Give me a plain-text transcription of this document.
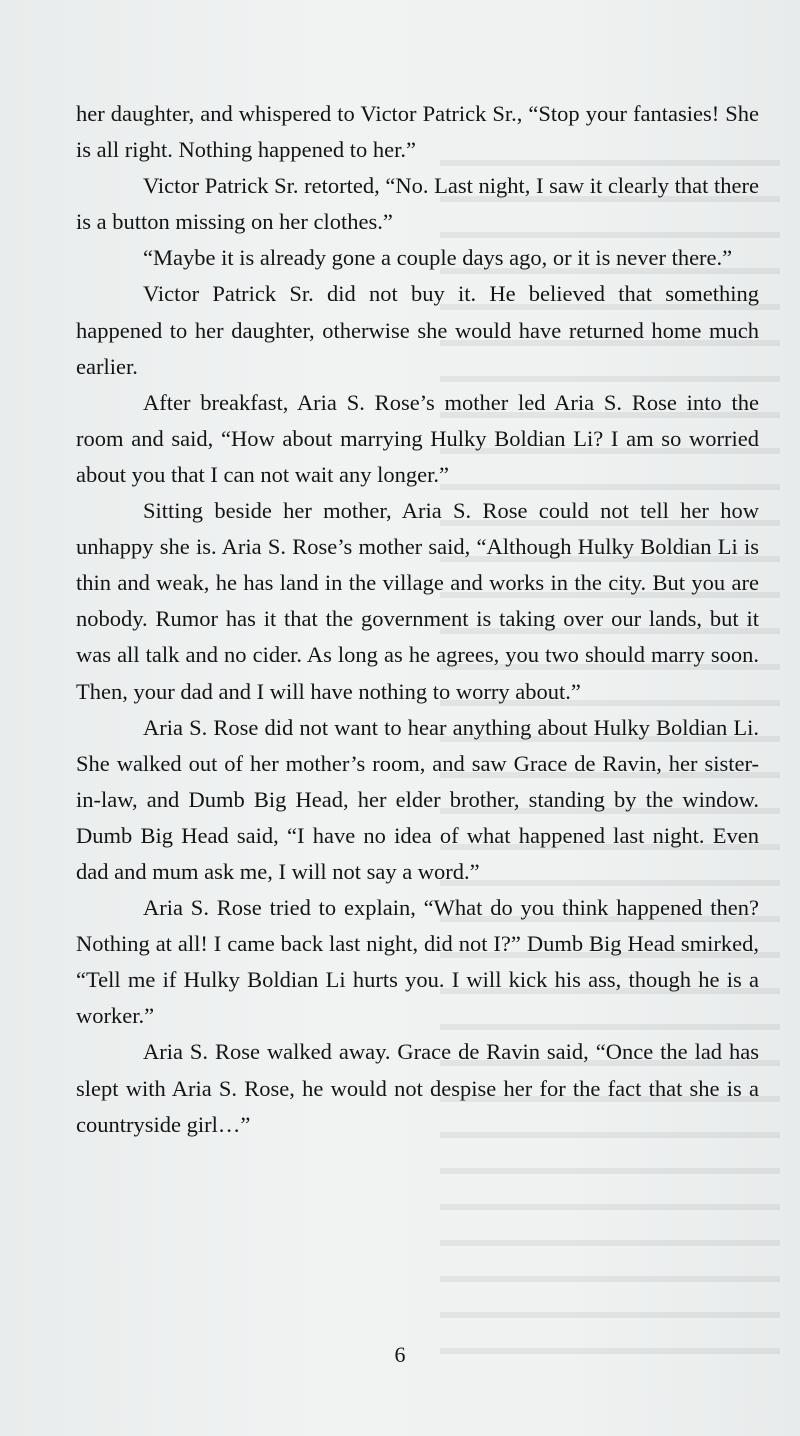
her daughter, and whispered to Victor Patrick Sr., “Stop your fantasies! She is all right. Nothing happened to her.”

Victor Patrick Sr. retorted, “No. Last night, I saw it clearly that there is a button missing on her clothes.”

“Maybe it is already gone a couple days ago, or it is never there.”

Victor Patrick Sr. did not buy it. He believed that something happened to her daughter, otherwise she would have returned home much earlier.

After breakfast, Aria S. Rose’s mother led Aria S. Rose into the room and said, “How about marrying Hulky Boldian Li? I am so worried about you that I can not wait any longer.”

Sitting beside her mother, Aria S. Rose could not tell her how unhappy she is. Aria S. Rose’s mother said, “Although Hulky Boldian Li is thin and weak, he has land in the village and works in the city. But you are nobody. Rumor has it that the government is taking over our lands, but it was all talk and no cider. As long as he agrees, you two should marry soon. Then, your dad and I will have nothing to worry about.”

Aria S. Rose did not want to hear anything about Hulky Boldian Li. She walked out of her mother’s room, and saw Grace de Ravin, her sister-in-law, and Dumb Big Head, her elder brother, standing by the window. Dumb Big Head said, “I have no idea of what happened last night. Even dad and mum ask me, I will not say a word.”

Aria S. Rose tried to explain, “What do you think happened then? Nothing at all! I came back last night, did not I?” Dumb Big Head smirked, “Tell me if Hulky Boldian Li hurts you. I will kick his ass, though he is a worker.”

Aria S. Rose walked away. Grace de Ravin said, “Once the lad has slept with Aria S. Rose, he would not despise her for the fact that she is a countryside girl…”

6
